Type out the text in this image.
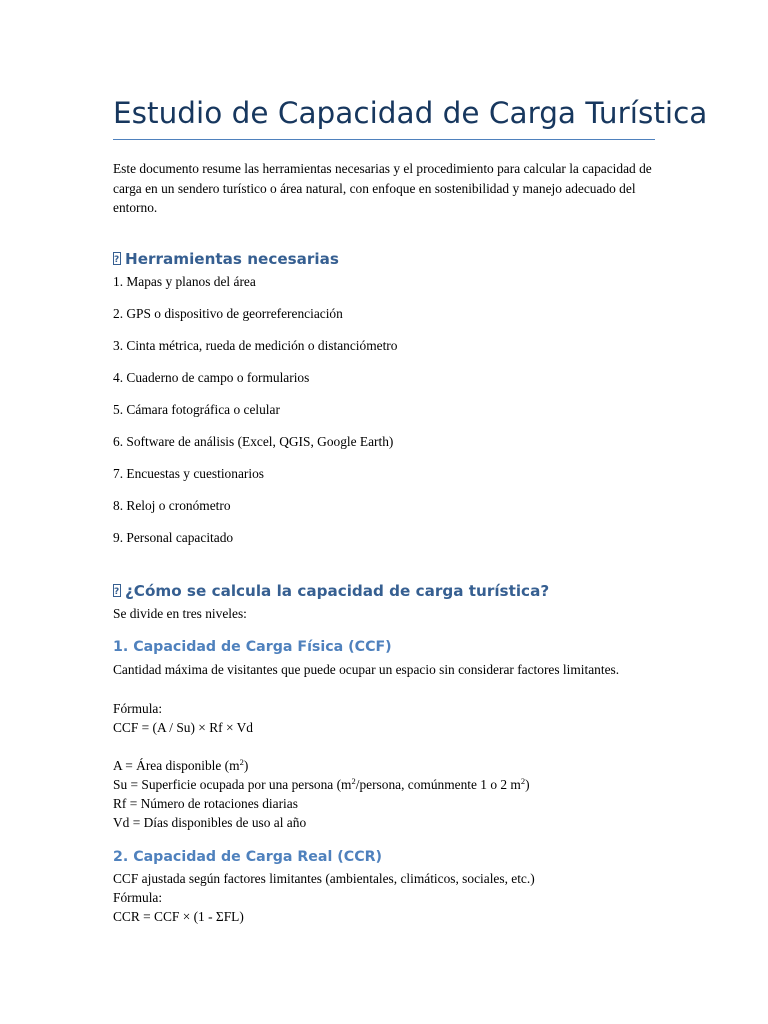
Estudio de Capacidad de Carga Turística
Este documento resume las herramientas necesarias y el procedimiento para calcular la capacidad de carga en un sendero turístico o área natural, con enfoque en sostenibilidad y manejo adecuado del entorno.
?Herramientas necesarias
1. Mapas y planos del área
2. GPS o dispositivo de georreferenciación
3. Cinta métrica, rueda de medición o distanciómetro
4. Cuaderno de campo o formularios
5. Cámara fotográfica o celular
6. Software de análisis (Excel, QGIS, Google Earth)
7. Encuestas y cuestionarios
8. Reloj o cronómetro
9. Personal capacitado
?¿Cómo se calcula la capacidad de carga turística?
Se divide en tres niveles:
1. Capacidad de Carga Física (CCF)
Cantidad máxima de visitantes que puede ocupar un espacio sin considerar factores limitantes.
Fórmula:
CCF = (A / Su) × Rf × Vd
A = Área disponible $(m^2)$
Su = Superficie ocupada por una persona ($m^2$/persona, comúnmente 1 o 2 $m^2$)
Rf = Número de rotaciones diarias
Vd = Días disponibles de uso al año
2. Capacidad de Carga Real (CCR)
CCF ajustada según factores limitantes (ambientales, climáticos, sociales, etc.)
Fórmula:
CCR = CCF × (1 - ΣFL)
